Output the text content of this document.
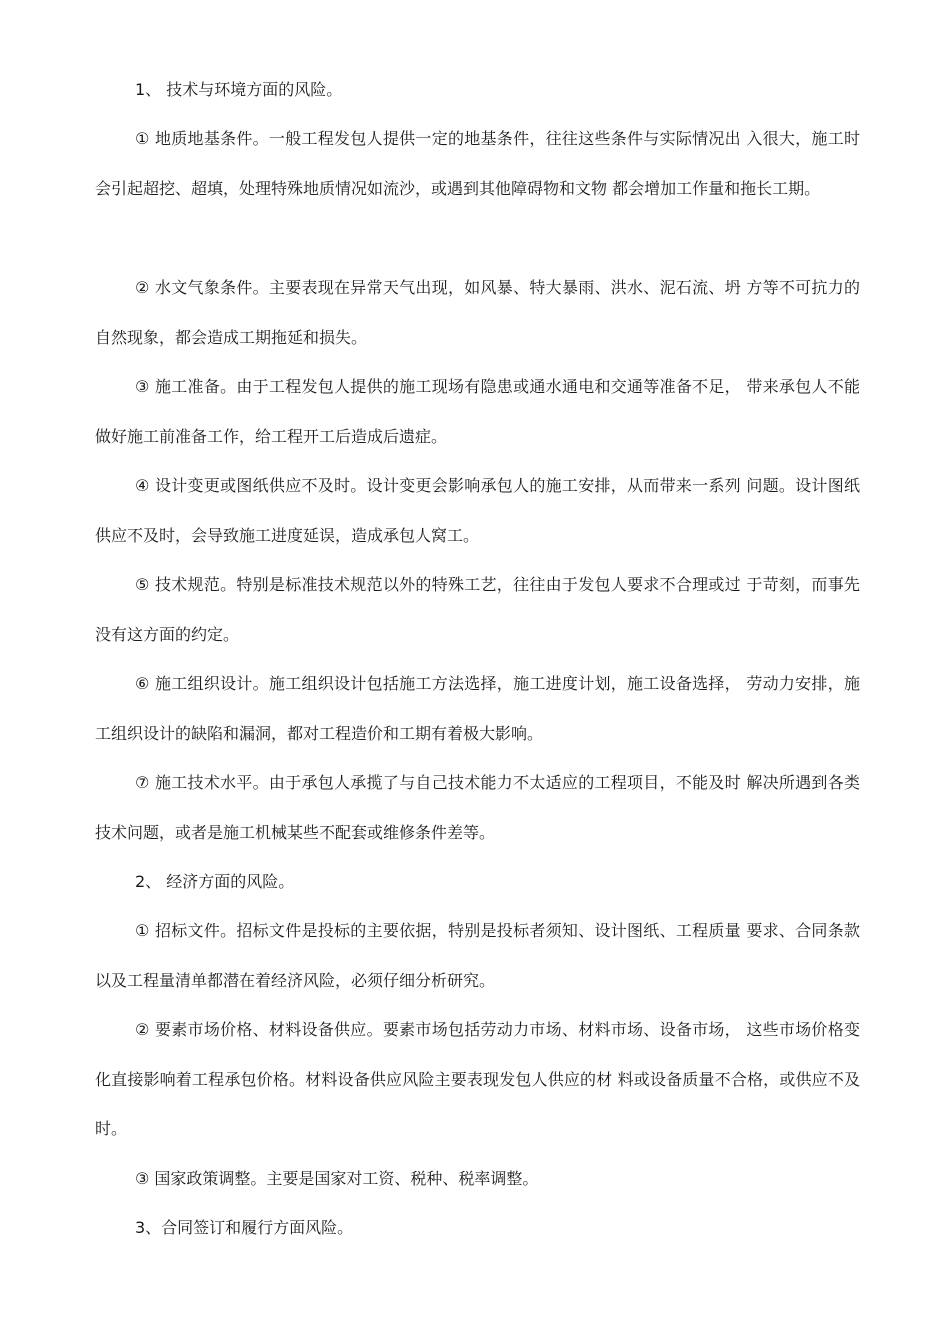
1、 技术与环境方面的风险。

① 地质地基条件。一般工程发包人提供一定的地基条件，往往这些条件与实际情况出 入很大，施工时会引起超挖、超填，处理特殊地质情况如流沙，或遇到其他障碍物和文物 都会增加工作量和拖长工期。

② 水文气象条件。主要表现在异常天气出现，如风暴、特大暴雨、洪水、泥石流、坍 方等不可抗力的自然现象，都会造成工期拖延和损失。

③ 施工准备。由于工程发包人提供的施工现场有隐患或通水通电和交通等准备不足， 带来承包人不能做好施工前准备工作，给工程开工后造成后遗症。

④ 设计变更或图纸供应不及时。设计变更会影响承包人的施工安排，从而带来一系列 问题。设计图纸供应不及时，会导致施工进度延误，造成承包人窝工。

⑤ 技术规范。特别是标准技术规范以外的特殊工艺，往往由于发包人要求不合理或过 于苛刻，而事先没有这方面的约定。

⑥ 施工组织设计。施工组织设计包括施工方法选择，施工进度计划，施工设备选择， 劳动力安排，施工组织设计的缺陷和漏洞，都对工程造价和工期有着极大影响。

⑦ 施工技术水平。由于承包人承揽了与自己技术能力不太适应的工程项目，不能及时 解决所遇到各类技术问题，或者是施工机械某些不配套或维修条件差等。

2、 经济方面的风险。

① 招标文件。招标文件是投标的主要依据，特别是投标者须知、设计图纸、工程质量 要求、合同条款以及工程量清单都潜在着经济风险，必须仔细分析研究。

② 要素市场价格、材料设备供应。要素市场包括劳动力市场、材料市场、设备市场， 这些市场价格变化直接影响着工程承包价格。材料设备供应风险主要表现发包人供应的材 料或设备质量不合格，或供应不及时。

③ 国家政策调整。主要是国家对工资、税种、税率调整。

3、合同签订和履行方面风险。
